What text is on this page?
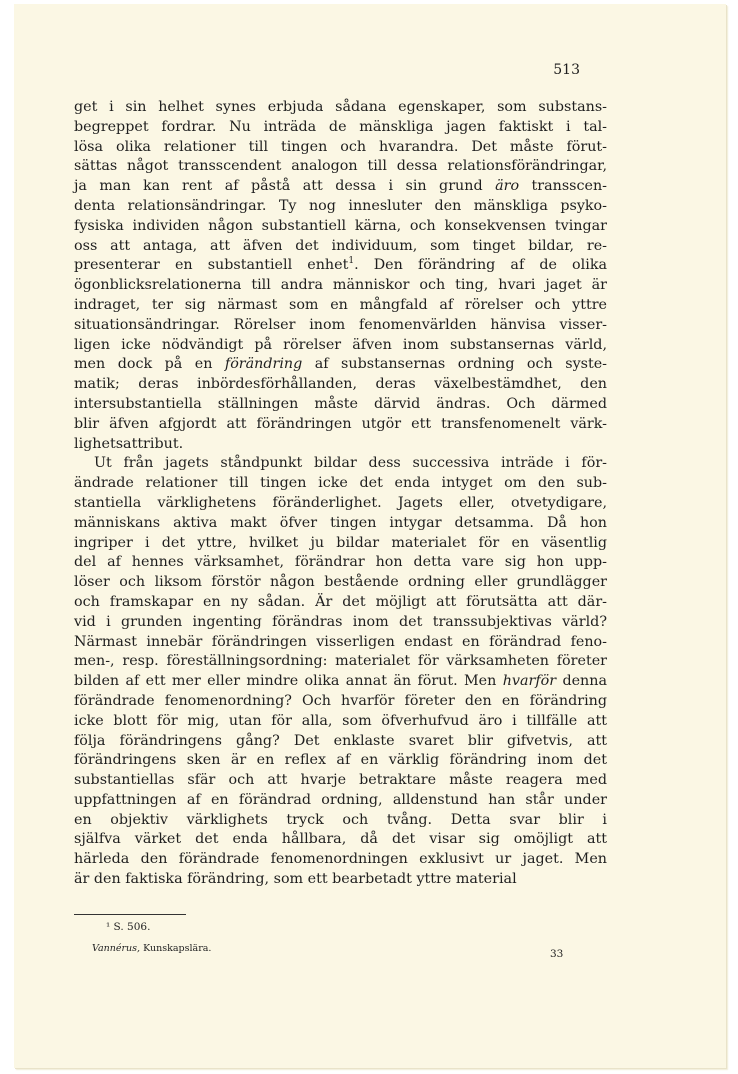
513
get i sin helhet synes erbjuda sådana egenskaper, som substans-
begreppet fordrar. Nu inträda de mänskliga jagen faktiskt i tal-
lösa olika relationer till tingen och hvarandra. Det måste förut-
sättas något transscendent analogon till dessa relationsförändringar,
ja man kan rent af påstå att dessa i sin grund äro transscen-
denta relationsändringar. Ty nog innesluter den mänskliga psyko-
fysiska individen någon substantiell kärna, och konsekvensen tvingar
oss att antaga, att äfven det individuum, som tinget bildar, re-
presenterar en substantiell enhet$^1$. Den förändring af de olika
ögonblicksrelationerna till andra människor och ting, hvari jaget är
indraget, ter sig närmast som en mångfald af rörelser och yttre
situationsändringar. Rörelser inom fenomenvärlden hänvisa visser-
ligen icke nödvändigt på rörelser äfven inom substansernas värld,
men dock på en förändring af substansernas ordning och syste-
matik; deras inbördesförhållanden, deras växelbestämdhet, den
intersubstantiella ställningen måste därvid ändras. Och därmed
blir äfven afgjordt att förändringen utgör ett transfenomenelt värk-
lighetsattribut.
Ut från jagets ståndpunkt bildar dess successiva inträde i för-
ändrade relationer till tingen icke det enda intyget om den sub-
stantiella värklighetens föränderlighet. Jagets eller, otvetydigare,
människans aktiva makt öfver tingen intygar detsamma. Då hon
ingriper i det yttre, hvilket ju bildar materialet för en väsentlig
del af hennes värksamhet, förändrar hon detta vare sig hon upp-
löser och liksom förstör någon bestående ordning eller grundlägger
och framskapar en ny sådan. Är det möjligt att förutsätta att där-
vid i grunden ingenting förändras inom det transsubjektivas värld?
Närmast innebär förändringen visserligen endast en förändrad feno-
men-, resp. föreställningsordning: materialet för värksamheten företer
bilden af ett mer eller mindre olika annat än förut. Men hvarför denna
förändrade fenomenordning? Och hvarför företer den en förändring
icke blott för mig, utan för alla, som öfverhufvud äro i tillfälle att
följa förändringens gång? Det enklaste svaret blir gifvetvis, att
förändringens sken är en reflex af en värklig förändring inom det
substantiellas sfär och att hvarje betraktare måste reagera med
uppfattningen af en förändrad ordning, alldenstund han står under
en objektiv värklighets tryck och tvång. Detta svar blir i
själfva värket det enda hållbara, då det visar sig omöjligt att
härleda den förändrade fenomenordningen exklusivt ur jaget. Men
är den faktiska förändring, som ett bearbetadt yttre material
¹ S. 506.
Vannérus, Kunskapslära.	33
